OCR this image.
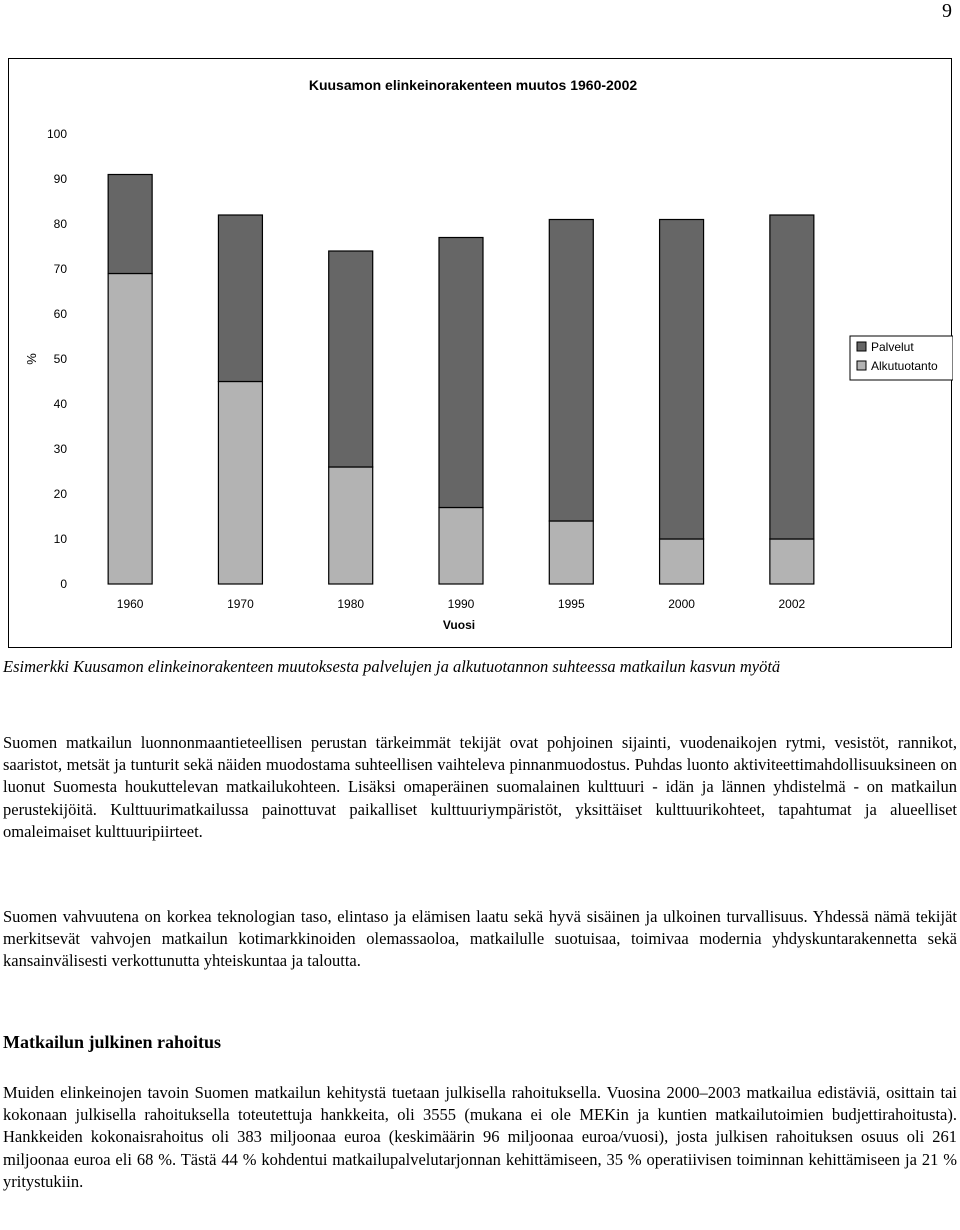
9
Kuusamon elinkeinorakenteen muutos 1960-2002
%
Vuosi
0
10
20
30
40
50
60
70
80
90
100
1960	1970	1980	1990	1995	2000	2002
Palvelut
Alkutuotanto

Esimerkki Kuusamon elinkeinorakenteen muutoksesta palvelujen ja alkutuotannon suhteessa matkailun kasvun myötä

Suomen matkailun luonnonmaantieteellisen perustan tärkeimmät tekijät ovat pohjoinen sijainti, vuodenaikojen rytmi, vesistöt, rannikot, saaristot, metsät ja tunturit sekä näiden muodostama suhteellisen vaihteleva pinnanmuodostus. Puhdas luonto aktiviteettimahdollisuuksineen on luonut Suomesta houkuttelevan matkailukohteen. Lisäksi omaperäinen suomalainen kulttuuri - idän ja lännen yhdistelmä - on matkailun perustekijöitä. Kulttuurimatkailussa painottuvat paikalliset kulttuuriympäristöt, yksittäiset kulttuurikohteet, tapahtumat ja alueelliset omaleimaiset kulttuuripiirteet.

Suomen vahvuutena on korkea teknologian taso, elintaso ja elämisen laatu sekä hyvä sisäinen ja ulkoinen turvallisuus. Yhdessä nämä tekijät merkitsevät vahvojen matkailun kotimarkkinoiden olemassaoloa, matkailulle suotuisaa, toimivaa modernia yhdyskuntarakennetta sekä kansainvälisesti verkottunutta yhteiskuntaa ja taloutta.

Matkailun julkinen rahoitus

Muiden elinkeinojen tavoin Suomen matkailun kehitystä tuetaan julkisella rahoituksella. Vuosina 2000–2003 matkailua edistäviä, osittain tai kokonaan julkisella rahoituksella toteutettuja hankkeita, oli 3555 (mukana ei ole MEKin ja kuntien matkailutoimien budjettirahoitusta). Hankkeiden kokonaisrahoitus oli 383 miljoonaa euroa (keskimäärin 96 miljoonaa euroa/vuosi), josta julkisen rahoituksen osuus oli 261 miljoonaa euroa eli 68 %. Tästä 44 % kohdentui matkailupalvelutarjonnan kehittämiseen, 35 % operatiivisen toiminnan kehittämiseen ja 21 % yritystukiin.
